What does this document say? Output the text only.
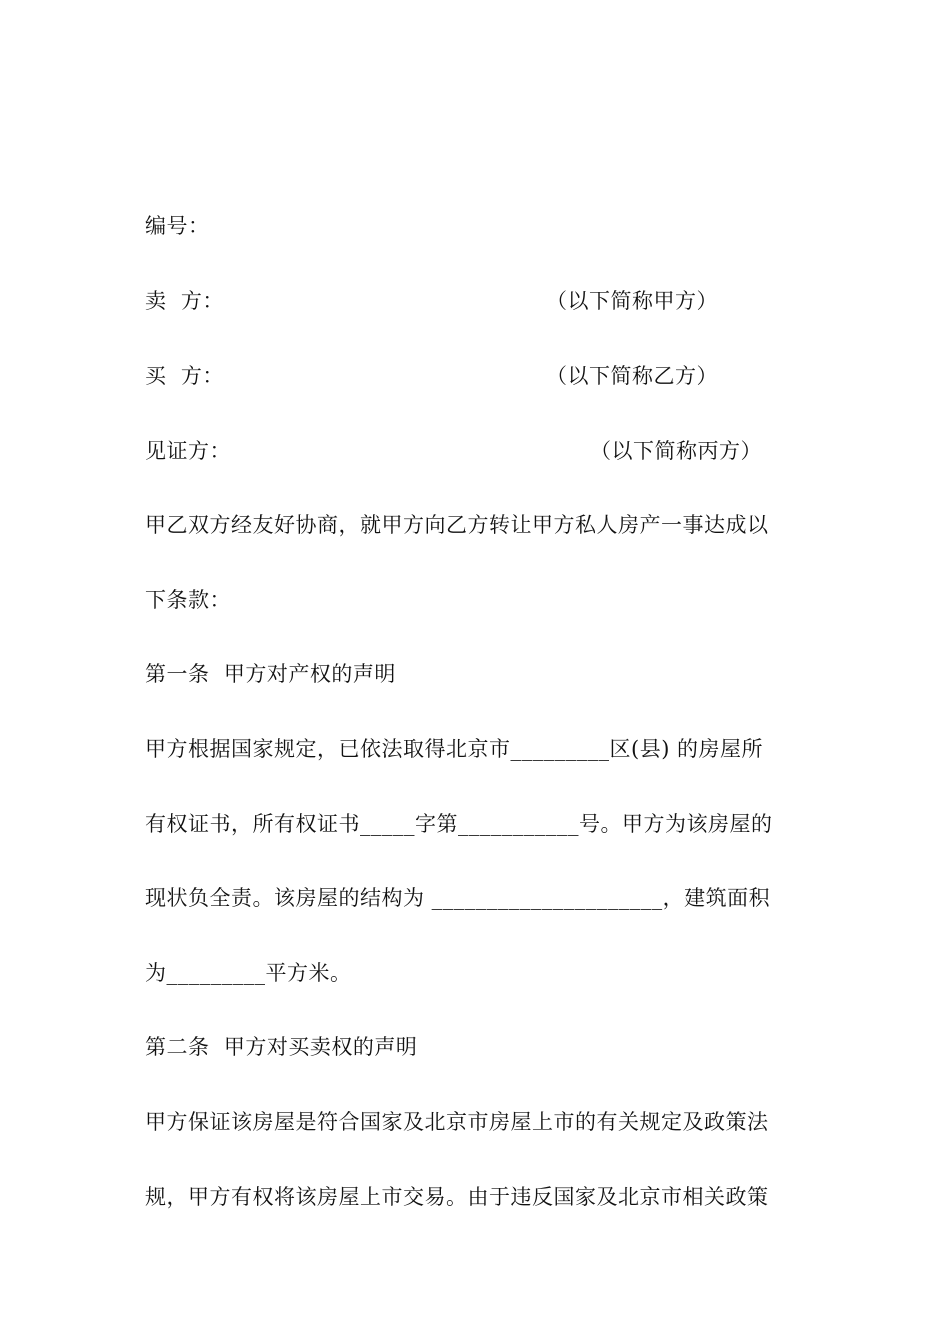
编号：
卖  方：	（以下简称甲方）
买  方：	（以下简称乙方）
见证方：	（以下简称丙方）
甲乙双方经友好协商，就甲方向乙方转让甲方私人房产一事达成以
下条款：
第一条  甲方对产权的声明
甲方根据国家规定，已依法取得北京市_________区(县) 的房屋所
有权证书，所有权证书_____字第___________号。甲方为该房屋的
现状负全责。该房屋的结构为 _____________________，建筑面积
为_________平方米。
第二条  甲方对买卖权的声明
甲方保证该房屋是符合国家及北京市房屋上市的有关规定及政策法
规，甲方有权将该房屋上市交易。由于违反国家及北京市相关政策
